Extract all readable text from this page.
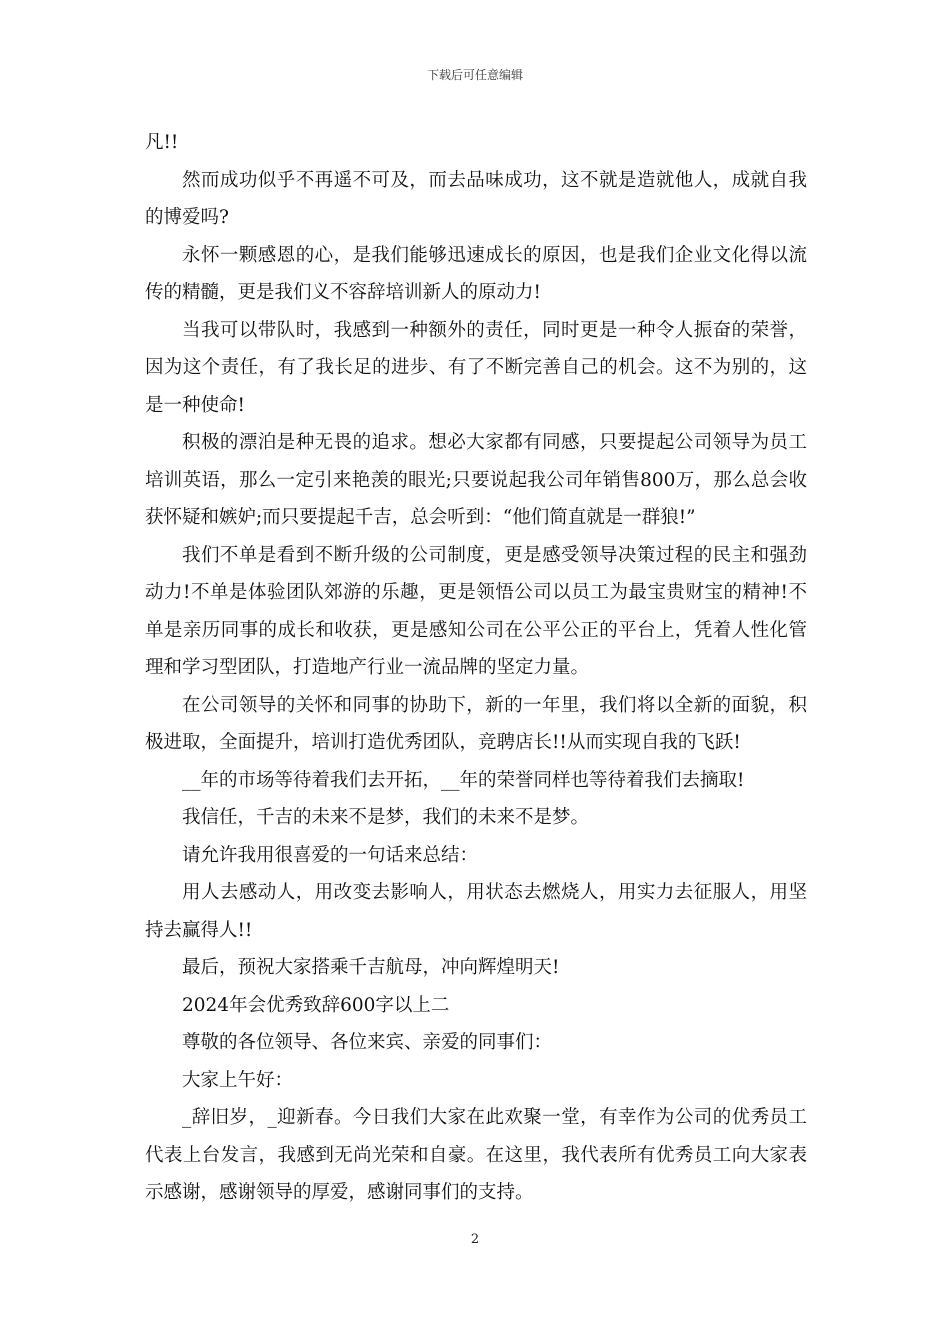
下载后可任意编辑

凡!!

然而成功似乎不再遥不可及，而去品味成功，这不就是造就他人，成就自我的博爱吗?

永怀一颗感恩的心，是我们能够迅速成长的原因，也是我们企业文化得以流传的精髓，更是我们义不容辞培训新人的原动力!

当我可以带队时，我感到一种额外的责任，同时更是一种令人振奋的荣誉，因为这个责任，有了我长足的进步、有了不断完善自己的机会。这不为别的，这是一种使命!

积极的漂泊是种无畏的追求。想必大家都有同感，只要提起公司领导为员工培训英语，那么一定引来艳羡的眼光;只要说起我公司年销售800万，那么总会收获怀疑和嫉妒;而只要提起千吉，总会听到：“他们简直就是一群狼!”

我们不单是看到不断升级的公司制度，更是感受领导决策过程的民主和强劲动力!不单是体验团队郊游的乐趣，更是领悟公司以员工为最宝贵财宝的精神!不单是亲历同事的成长和收获，更是感知公司在公平公正的平台上，凭着人性化管理和学习型团队，打造地产行业一流品牌的坚定力量。

在公司领导的关怀和同事的协助下，新的一年里，我们将以全新的面貌，积极进取，全面提升，培训打造优秀团队，竞聘店长!!从而实现自我的飞跃!

__年的市场等待着我们去开拓，__年的荣誉同样也等待着我们去摘取!

我信任，千吉的未来不是梦，我们的未来不是梦。

请允许我用很喜爱的一句话来总结：

用人去感动人，用改变去影响人，用状态去燃烧人，用实力去征服人，用坚持去赢得人!!

最后，预祝大家搭乘千吉航母，冲向辉煌明天!

2024年会优秀致辞600字以上二

尊敬的各位领导、各位来宾、亲爱的同事们：

大家上午好：

_辞旧岁，_迎新春。今日我们大家在此欢聚一堂，有幸作为公司的优秀员工代表上台发言，我感到无尚光荣和自豪。在这里，我代表所有优秀员工向大家表示感谢，感谢领导的厚爱，感谢同事们的支持。

2
